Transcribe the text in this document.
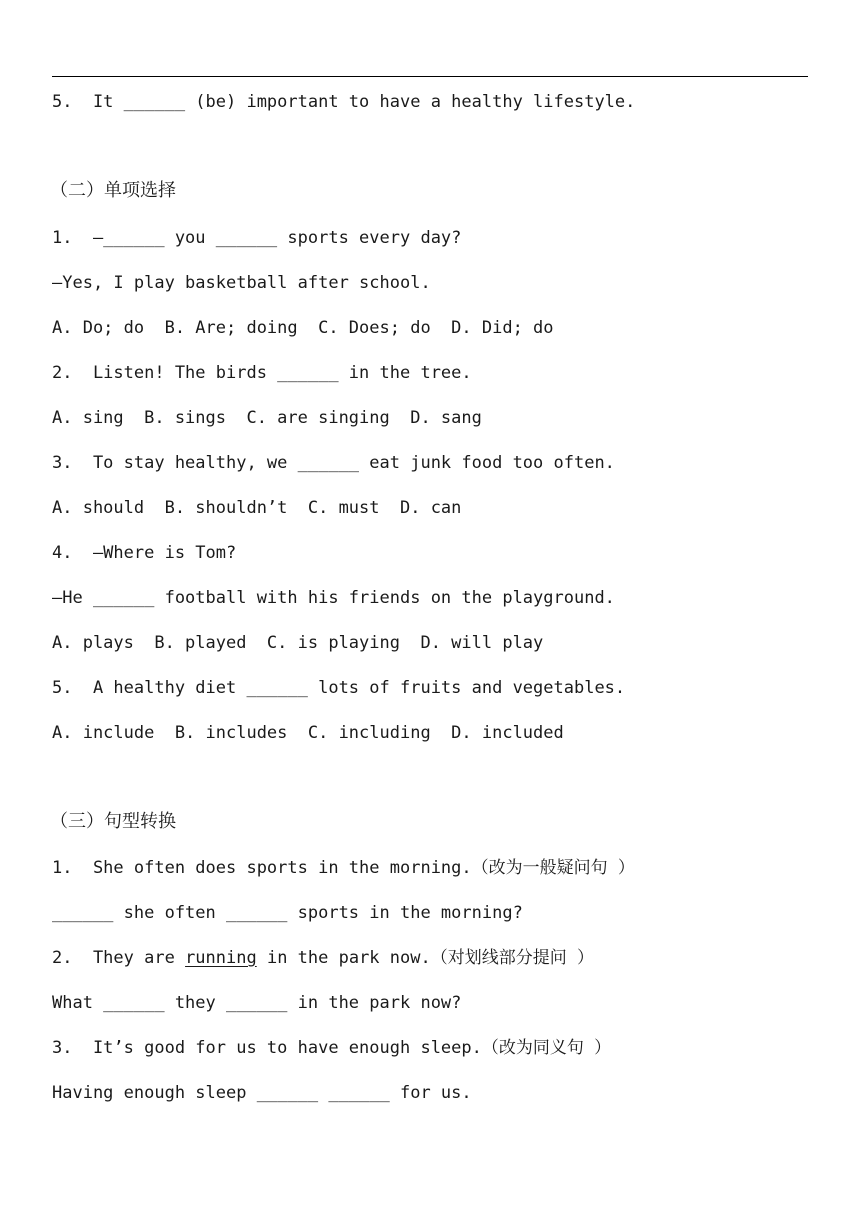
5.  It ______ (be) important to have a healthy lifestyle.
（二）单项选择
1.  —______ you ______ sports every day?
—Yes, I play basketball after school.
A. Do; do  B. Are; doing  C. Does; do  D. Did; do
2.  Listen! The birds ______ in the tree.
A. sing  B. sings  C. are singing  D. sang
3.  To stay healthy, we ______ eat junk food too often.
A. should  B. shouldn’t  C. must  D. can
4.  —Where is Tom?
—He ______ football with his friends on the playground.
A. plays  B. played  C. is playing  D. will play
5.  A healthy diet ______ lots of fruits and vegetables.
A. include  B. includes  C. including  D. included
（三）句型转换
1.  She often does sports in the morning.（改为一般疑问句 ）
______ she often ______ sports in the morning?
2.  They are running in the park now.（对划线部分提问 ）
What ______ they ______ in the park now?
3.  It’s good for us to have enough sleep.（改为同义句 ）
Having enough sleep ______ ______ for us.
